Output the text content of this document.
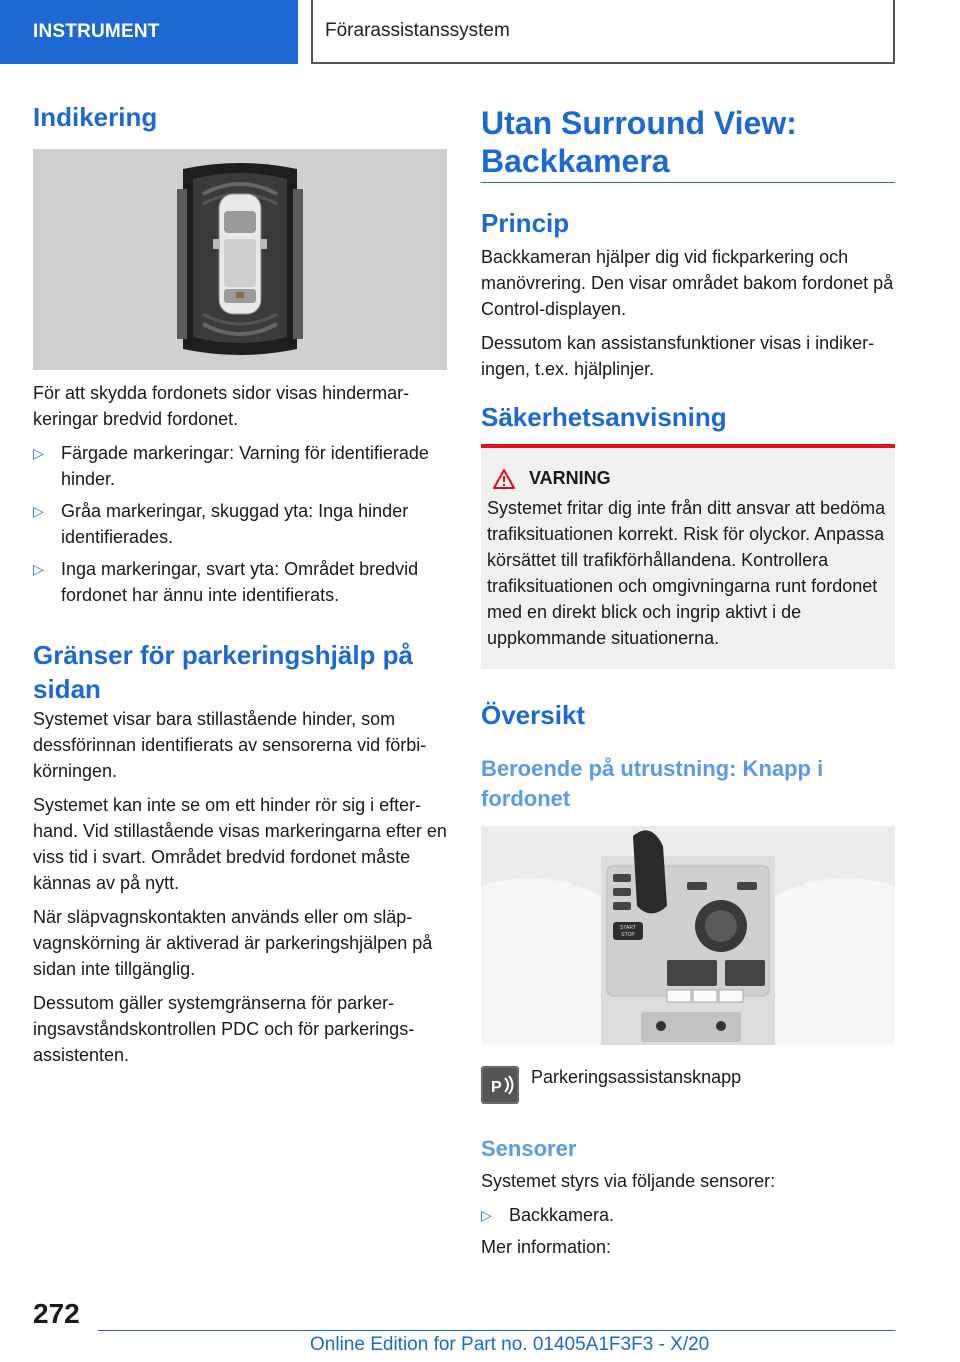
INSTRUMENT	Förarassistanssystem
Indikering

För att skydda fordonets sidor visas hindermarkeringar bredvid fordonet.

▷ Färgade markeringar: Varning för identifierade hinder.
▷ Gråa markeringar, skuggad yta: Inga hinder identifierades.
▷ Inga markeringar, svart yta: Området bredvid fordonet har ännu inte identifierats.
Gränser för parkeringshjälp på sidan

Systemet visar bara stillastående hinder, som dessförinnan identifierats av sensorerna vid förbikörningen.

Systemet kan inte se om ett hinder rör sig i efterhand. Vid stillastående visas markeringarna efter en viss tid i svart. Området bredvid fordonet måste kännas av på nytt.

När släpvagnskontakten används eller om släpvagnskörning är aktiverad är parkeringshjälpen på sidan inte tillgänglig.

Dessutom gäller systemgränserna för parkeringsavståndskontrollen PDC och för parkeringsassistenten.

Utan Surround View: Backkamera
Princip

Backkameran hjälper dig vid fickparkering och manövrering. Den visar området bakom fordonet på Control-displayen.

Dessutom kan assistansfunktioner visas i indikeringen, t.ex. hjälplinjer.

Säkerhetsanvisning
VARNING

Systemet fritar dig inte från ditt ansvar att bedöma trafiksituationen korrekt. Risk för olyckor. Anpassa körsättet till trafikförhållandena. Kontrollera trafiksituationen och omgivningarna runt fordonet med en direkt blick och ingrip aktivt i de uppkommande situationerna.

Översikt
Beroende på utrustning: Knapp i fordonet
START
STOP
P
Parkeringsassistansknapp
Sensorer

Systemet styrs via följande sensorer:

▷ Backkamera.

Mer information:

272
Online Edition for Part no. 01405A1F3F3 - X/20
